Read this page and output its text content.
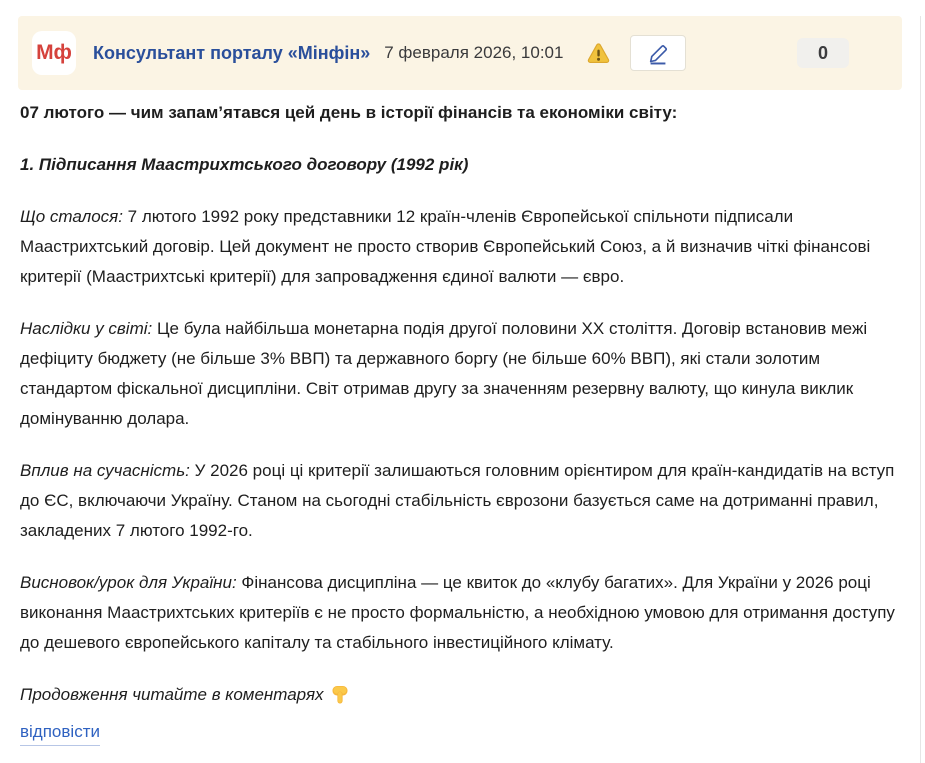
Мф Консультант порталу «Мінфін» 7 февраля 2026, 10:01	0

07 лютого — чим запам’ятався цей день в історії фінансів та економіки світу:

1. Підписання Маастрихтського договору (1992 рік)

Що сталося: 7 лютого 1992 року представники 12 країн-членів Європейської спільноти підписали Маастрихтський договір. Цей документ не просто створив Європейський Союз, а й визначив чіткі фінансові критерії (Маастрихтські критерії) для запровадження єдиної валюти — євро.

Наслідки у світі: Це була найбільша монетарна подія другої половини ХХ століття. Договір встановив межі дефіциту бюджету (не більше 3% ВВП) та державного боргу (не більше 60% ВВП), які стали золотим стандартом фіскальної дисципліни. Світ отримав другу за значенням резервну валюту, що кинула виклик домінуванню долара.

Вплив на сучасність: У 2026 році ці критерії залишаються головним орієнтиром для країн-кандидатів на вступ до ЄС, включаючи Україну. Станом на сьогодні стабільність єврозони базується саме на дотриманні правил, закладених 7 лютого 1992-го.

Висновок/урок для України: Фінансова дисципліна — це квиток до «клубу багатих». Для України у 2026 році виконання Маастрихтських критеріїв є не просто формальністю, а необхідною умовою для отримання доступу до дешевого європейського капіталу та стабільного інвестиційного клімату.

Продовження читайте в коментарях

відповісти
